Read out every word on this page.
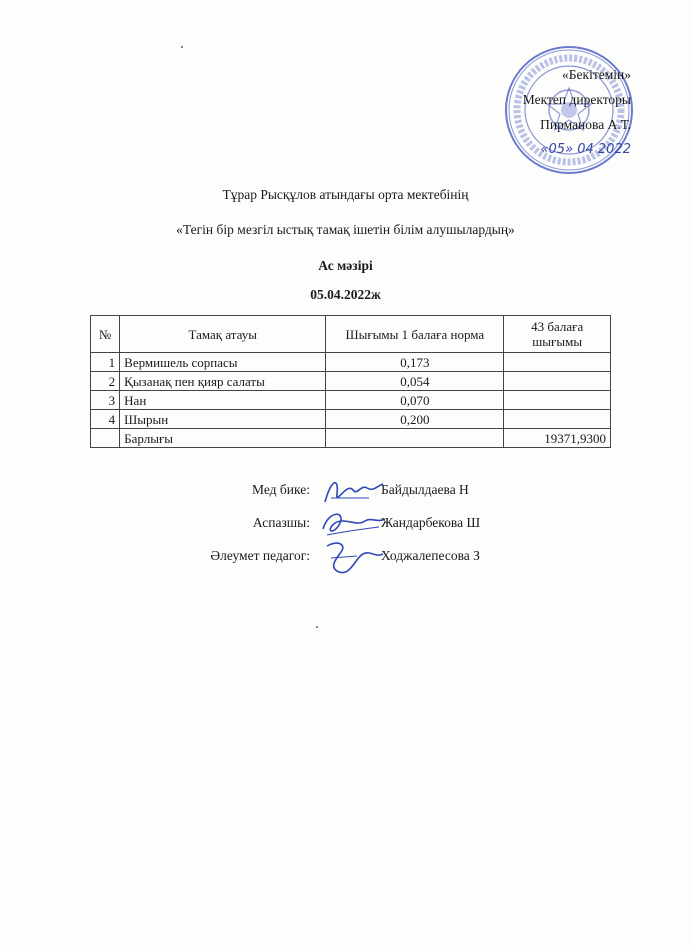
«Бекітемін»
Мектеп директоры
Пирманова А.Т.
«05» 04 2022
Тұрар Рысқұлов атындағы орта мектебінің
«Тегін бір мезгіл ыстық тамақ ішетін білім алушылардың»
Ас мәзірі
05.04.2022ж
№	Тамақ атауы	Шығымы 1 балаға норма	43 балаға шығымы
1	Вермишель сорпасы	0,173	
2	Қызанақ пен қияр салаты	0,054	
3	Нан	0,070	
4	Шырын	0,200	
	Барлығы		19371,9300
Мед бике:	Байдылдаева Н
Аспазшы:	Жандарбекова Ш
Әлеумет педагог:	Ходжалепесова З
